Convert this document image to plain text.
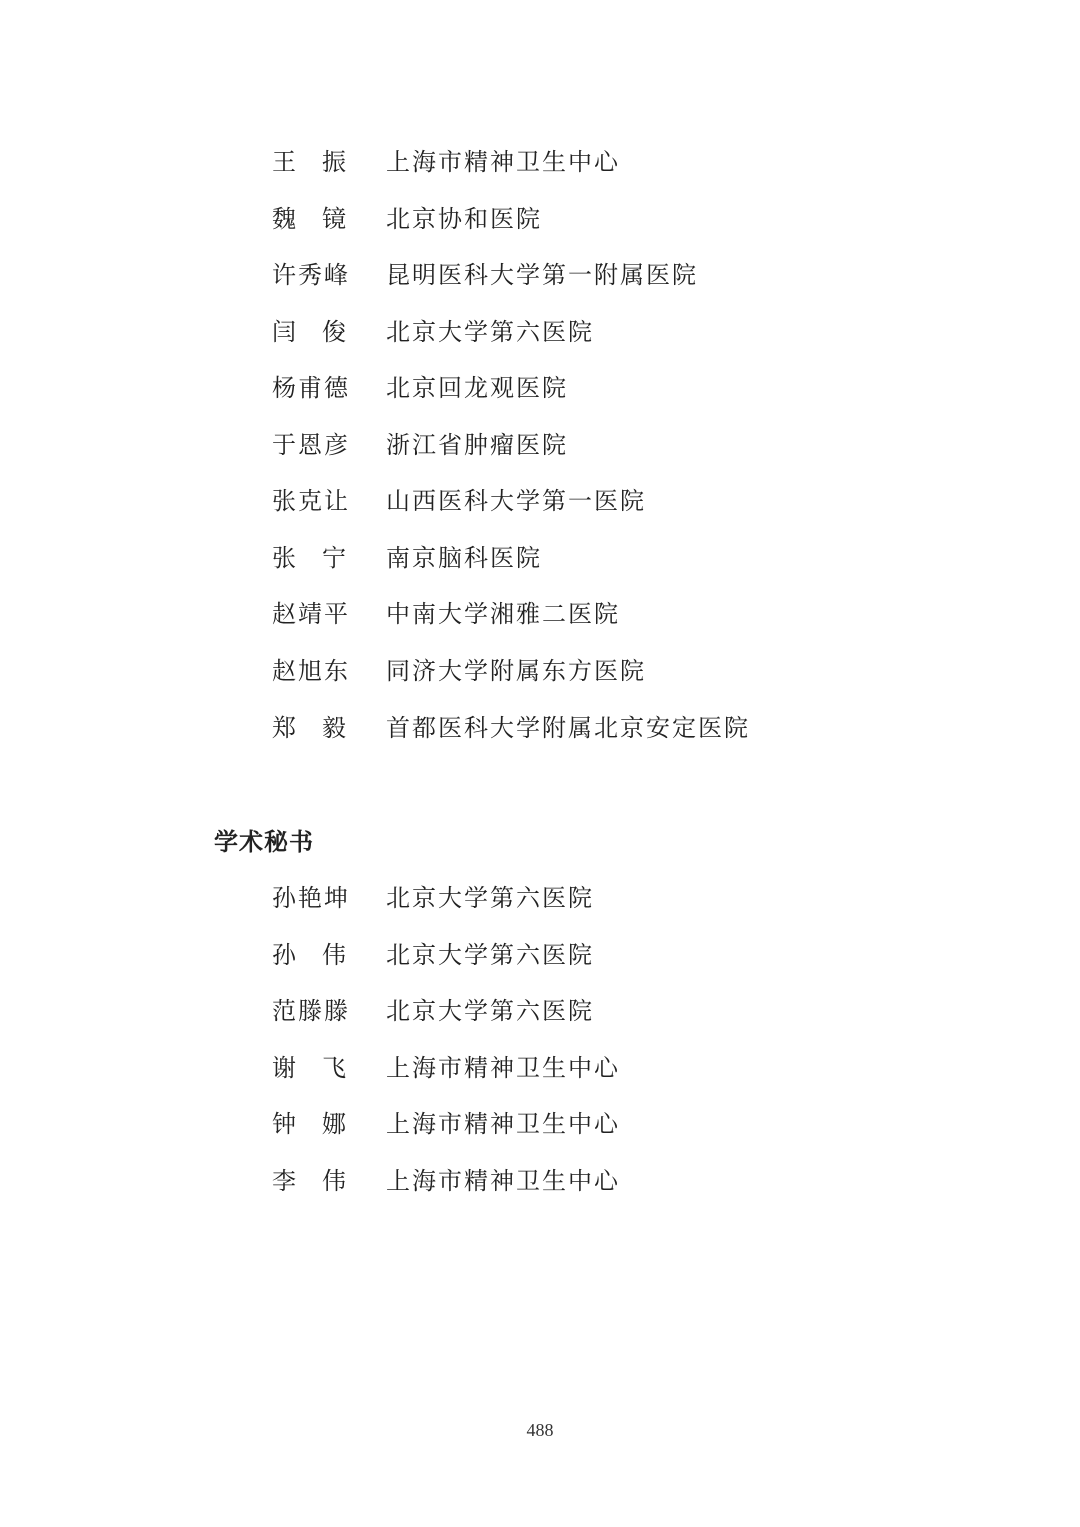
王 振 上海市精神卫生中心
魏 镜 北京协和医院
许秀峰 昆明医科大学第一附属医院
闫 俊 北京大学第六医院
杨甫德 北京回龙观医院
于恩彦 浙江省肿瘤医院
张克让 山西医科大学第一医院
张 宁 南京脑科医院
赵靖平 中南大学湘雅二医院
赵旭东 同济大学附属东方医院
郑 毅 首都医科大学附属北京安定医院
学术秘书
孙艳坤 北京大学第六医院
孙 伟 北京大学第六医院
范滕滕 北京大学第六医院
谢 飞 上海市精神卫生中心
钟 娜 上海市精神卫生中心
李 伟 上海市精神卫生中心
488
